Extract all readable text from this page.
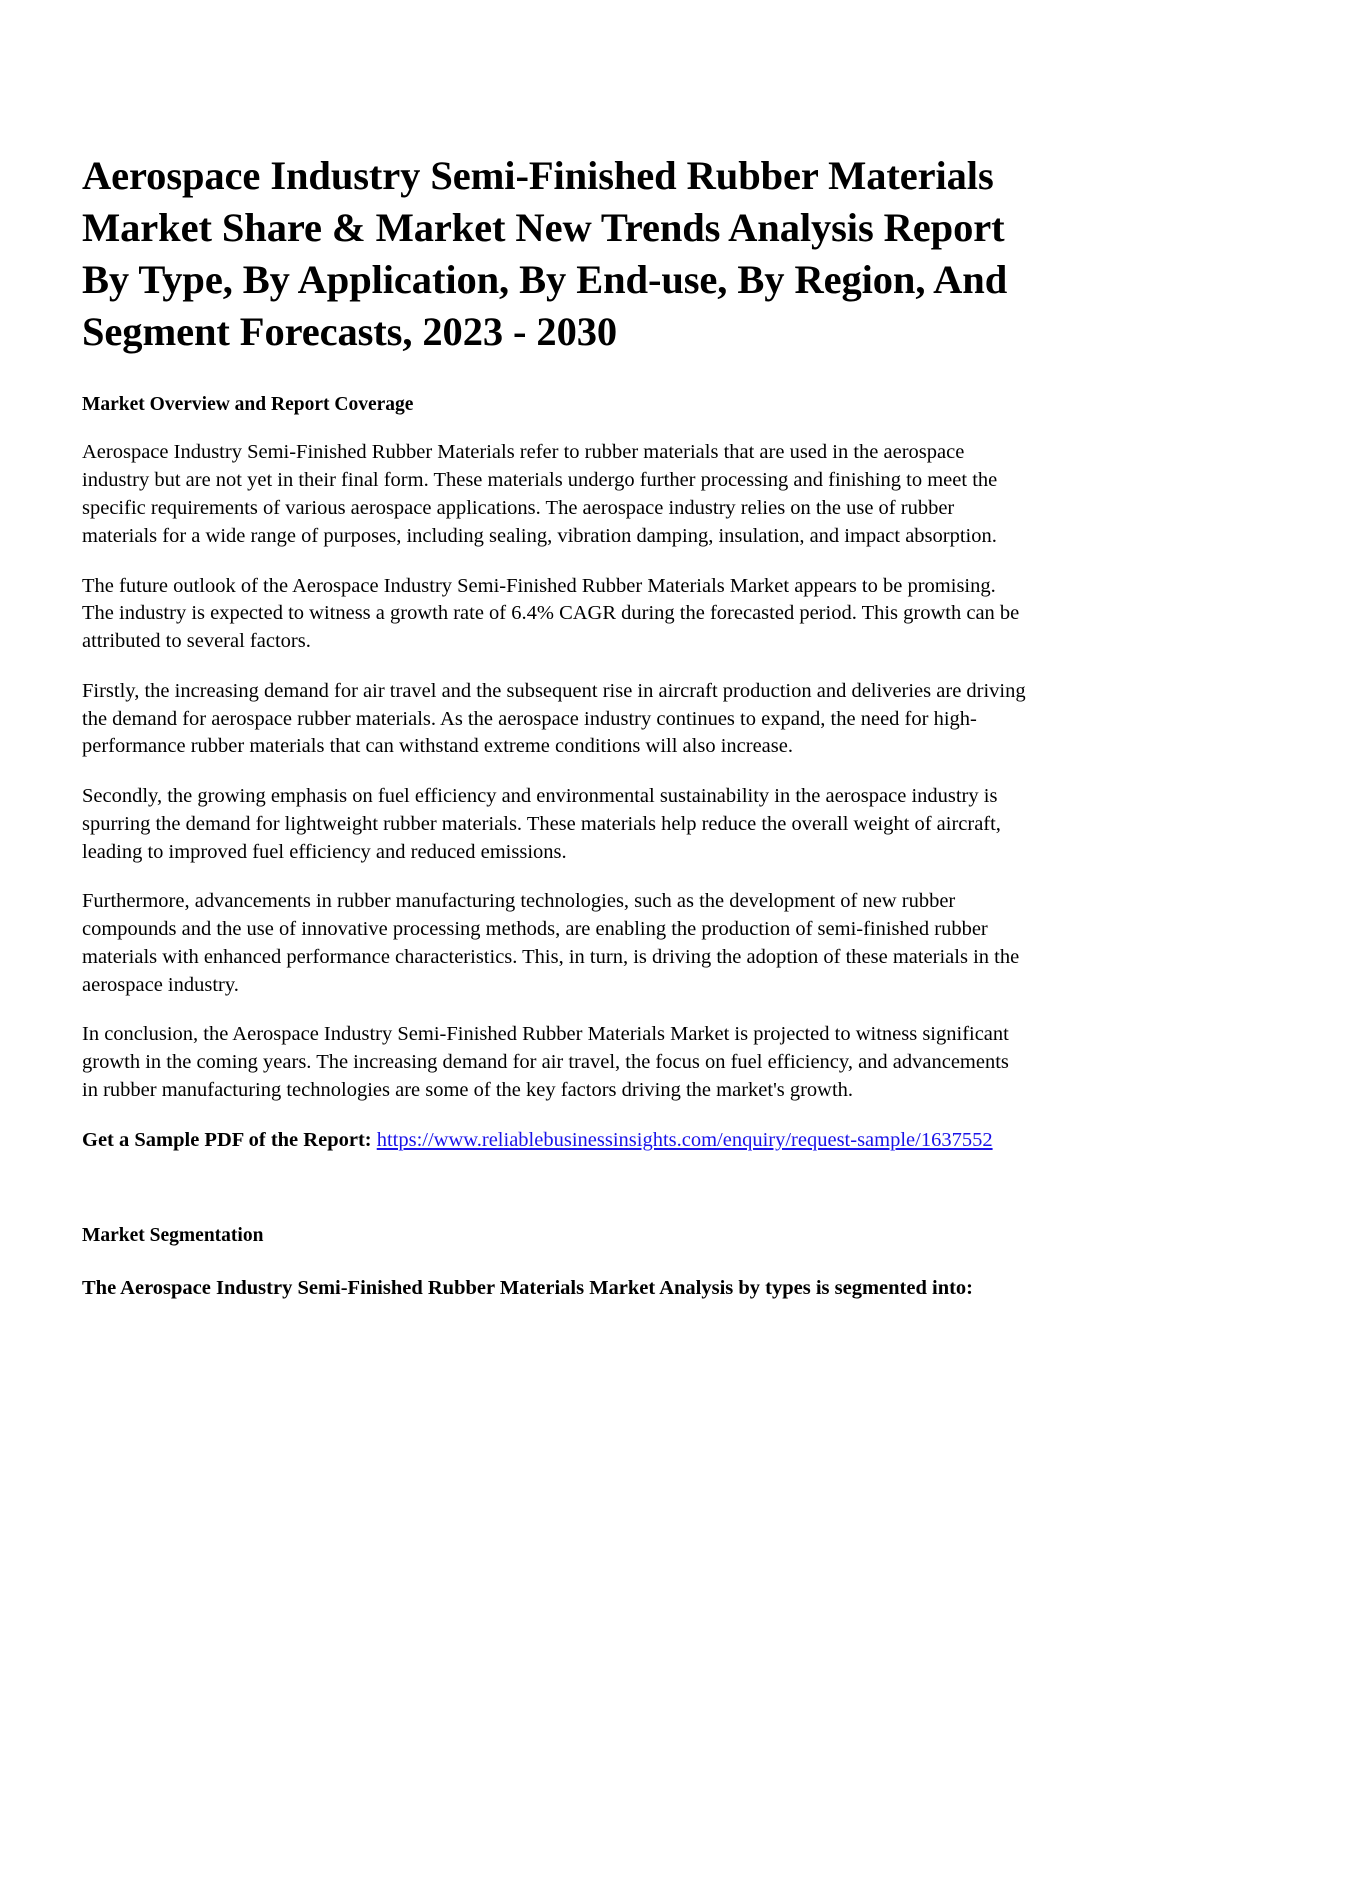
Aerospace Industry Semi-Finished Rubber Materials Market Share & Market New Trends Analysis Report By Type, By Application, By End-use, By Region, And Segment Forecasts, 2023 - 2030
Market Overview and Report Coverage

Aerospace Industry Semi-Finished Rubber Materials refer to rubber materials that are used in the aerospace industry but are not yet in their final form. These materials undergo further processing and finishing to meet the specific requirements of various aerospace applications. The aerospace industry relies on the use of rubber materials for a wide range of purposes, including sealing, vibration damping, insulation, and impact absorption.

The future outlook of the Aerospace Industry Semi-Finished Rubber Materials Market appears to be promising. The industry is expected to witness a growth rate of 6.4% CAGR during the forecasted period. This growth can be attributed to several factors.

Firstly, the increasing demand for air travel and the subsequent rise in aircraft production and deliveries are driving the demand for aerospace rubber materials. As the aerospace industry continues to expand, the need for high-performance rubber materials that can withstand extreme conditions will also increase.

Secondly, the growing emphasis on fuel efficiency and environmental sustainability in the aerospace industry is spurring the demand for lightweight rubber materials. These materials help reduce the overall weight of aircraft, leading to improved fuel efficiency and reduced emissions.

Furthermore, advancements in rubber manufacturing technologies, such as the development of new rubber compounds and the use of innovative processing methods, are enabling the production of semi-finished rubber materials with enhanced performance characteristics. This, in turn, is driving the adoption of these materials in the aerospace industry.

In conclusion, the Aerospace Industry Semi-Finished Rubber Materials Market is projected to witness significant growth in the coming years. The increasing demand for air travel, the focus on fuel efficiency, and advancements in rubber manufacturing technologies are some of the key factors driving the market's growth.

Get a Sample PDF of the Report: https://www.reliablebusinessinsights.com/enquiry/request-sample/1637552

Market Segmentation

The Aerospace Industry Semi-Finished Rubber Materials Market Analysis by types is segmented into:
